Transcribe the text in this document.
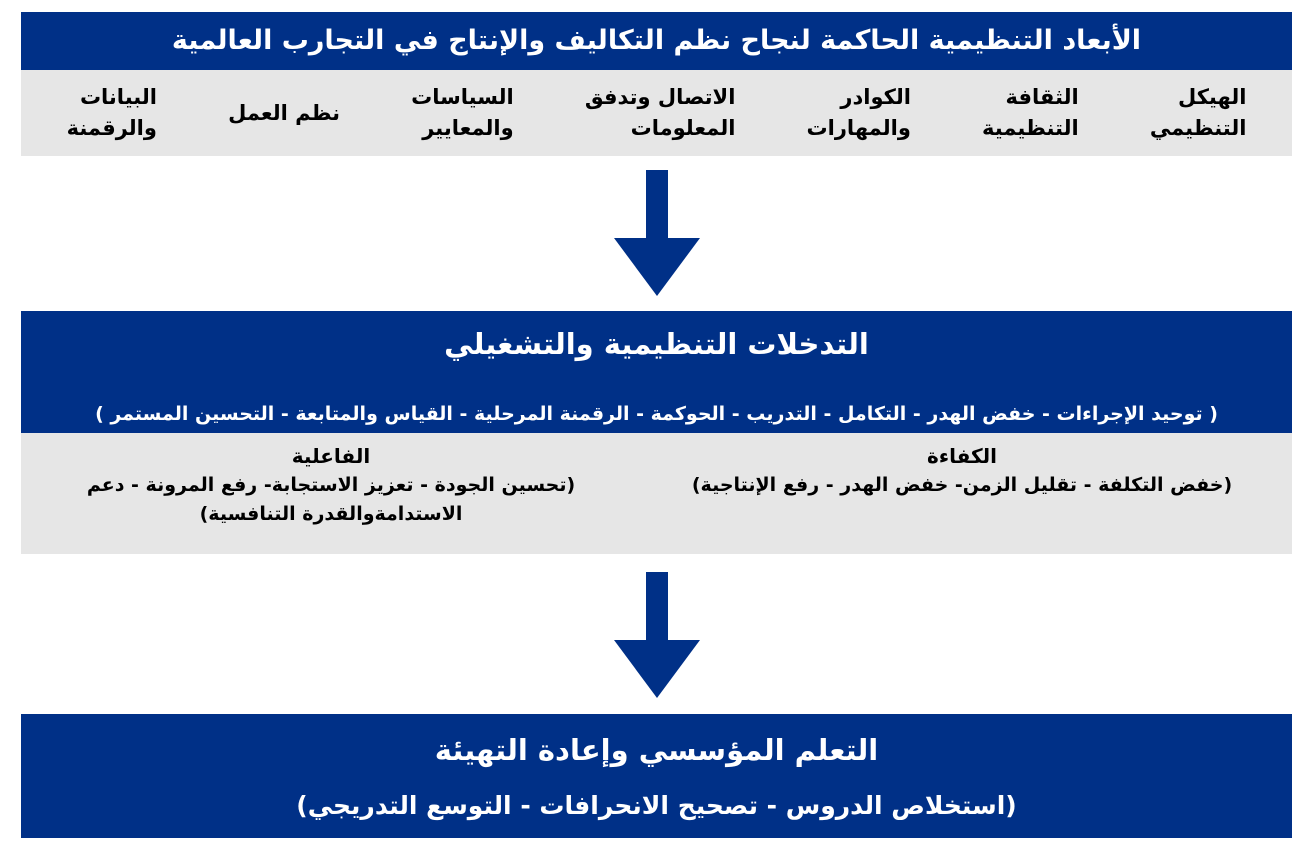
الأبعاد التنظيمية الحاكمة لنجاح نظم التكاليف والإنتاج في التجارب العالمية
الهيكل
التنظيمي
الثقافة
التنظيمية
الكوادر
والمهارات
الاتصال وتدفق
المعلومات
السياسات
والمعايير
نظم العمل
البيانات
والرقمنة
التدخلات التنظيمية والتشغيلي
( توحيد الإجراءات - خفض الهدر - التكامل - التدريب - الحوكمة - الرقمنة المرحلية - القياس والمتابعة - التحسين المستمر )
الكفاءة
(خفض التكلفة - تقليل الزمن- خفض الهدر - رفع الإنتاجية)
الفاعلية
(تحسين الجودة - تعزيز الاستجابة- رفع المرونة - دعم الاستدامةوالقدرة التنافسية)
التعلم المؤسسي وإعادة التهيئة
(استخلاص الدروس - تصحيح الانحرافات - التوسع التدريجي)
